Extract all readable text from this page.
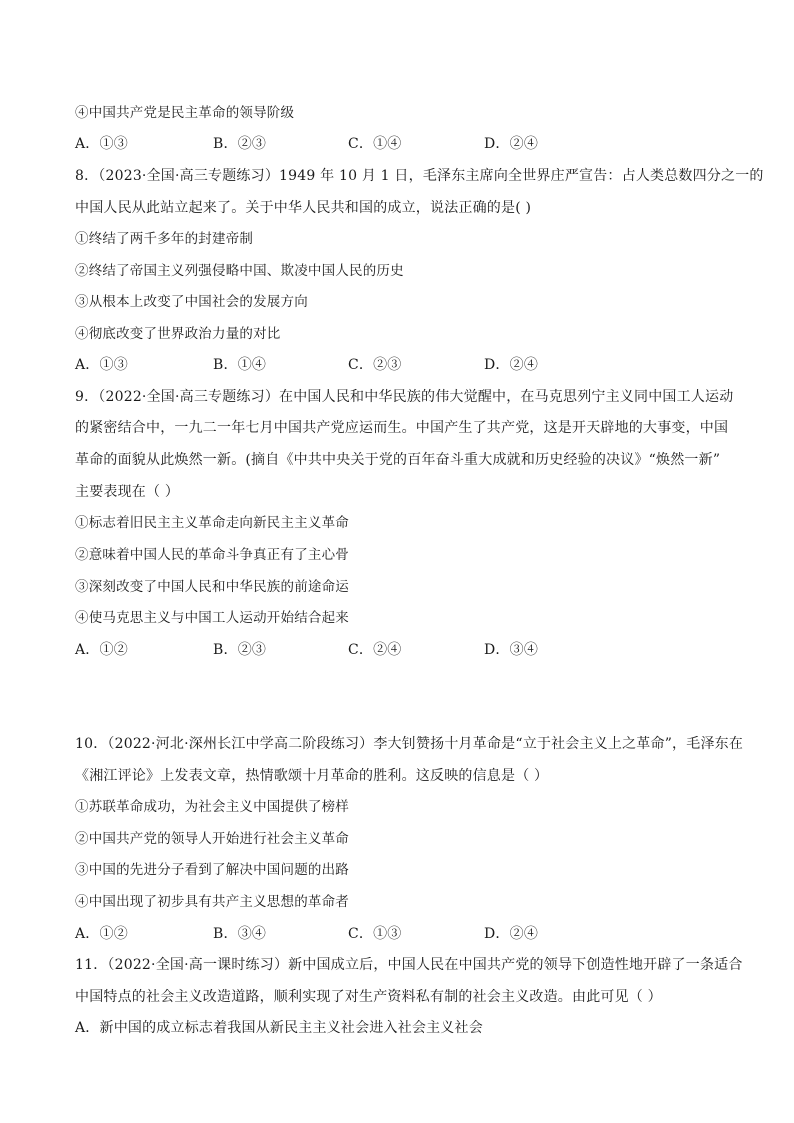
④中国共产党是民主革命的领导阶级
A．①③	B．②③	C．①④	D．②④
8．（2023·全国·高三专题练习）1949 年 10 月 1 日，毛泽东主席向全世界庄严宣告：占人类总数四分之一的
中国人民从此站立起来了。关于中华人民共和国的成立，说法正确的是( )
①终结了两千多年的封建帝制
②终结了帝国主义列强侵略中国、欺凌中国人民的历史
③从根本上改变了中国社会的发展方向
④彻底改变了世界政治力量的对比
A．①③	B．①④	C．②③	D．②④
9．（2022·全国·高三专题练习）在中国人民和中华民族的伟大觉醒中，在马克思列宁主义同中国工人运动
的紧密结合中，一九二一年七月中国共产党应运而生。中国产生了共产党，这是开天辟地的大事变，中国
革命的面貌从此焕然一新。(摘自《中共中央关于党的百年奋斗重大成就和历史经验的决议》“焕然一新”
主要表现在（ ）
①标志着旧民主主义革命走向新民主主义革命
②意味着中国人民的革命斗争真正有了主心骨
③深刻改变了中国人民和中华民族的前途命运
④使马克思主义与中国工人运动开始结合起来
A．①②	B．②③	C．②④	D．③④
10．（2022·河北·深州长江中学高二阶段练习）李大钊赞扬十月革命是“立于社会主义上之革命”，毛泽东在
《湘江评论》上发表文章，热情歌颂十月革命的胜利。这反映的信息是（ ）
①苏联革命成功，为社会主义中国提供了榜样
②中国共产党的领导人开始进行社会主义革命
③中国的先进分子看到了解决中国问题的出路
④中国出现了初步具有共产主义思想的革命者
A．①②	B．③④	C．①③	D．②④
11．（2022·全国·高一课时练习）新中国成立后，中国人民在中国共产党的领导下创造性地开辟了一条适合
中国特点的社会主义改造道路，顺利实现了对生产资料私有制的社会主义改造。由此可见（ ）
A．新中国的成立标志着我国从新民主主义社会进入社会主义社会
